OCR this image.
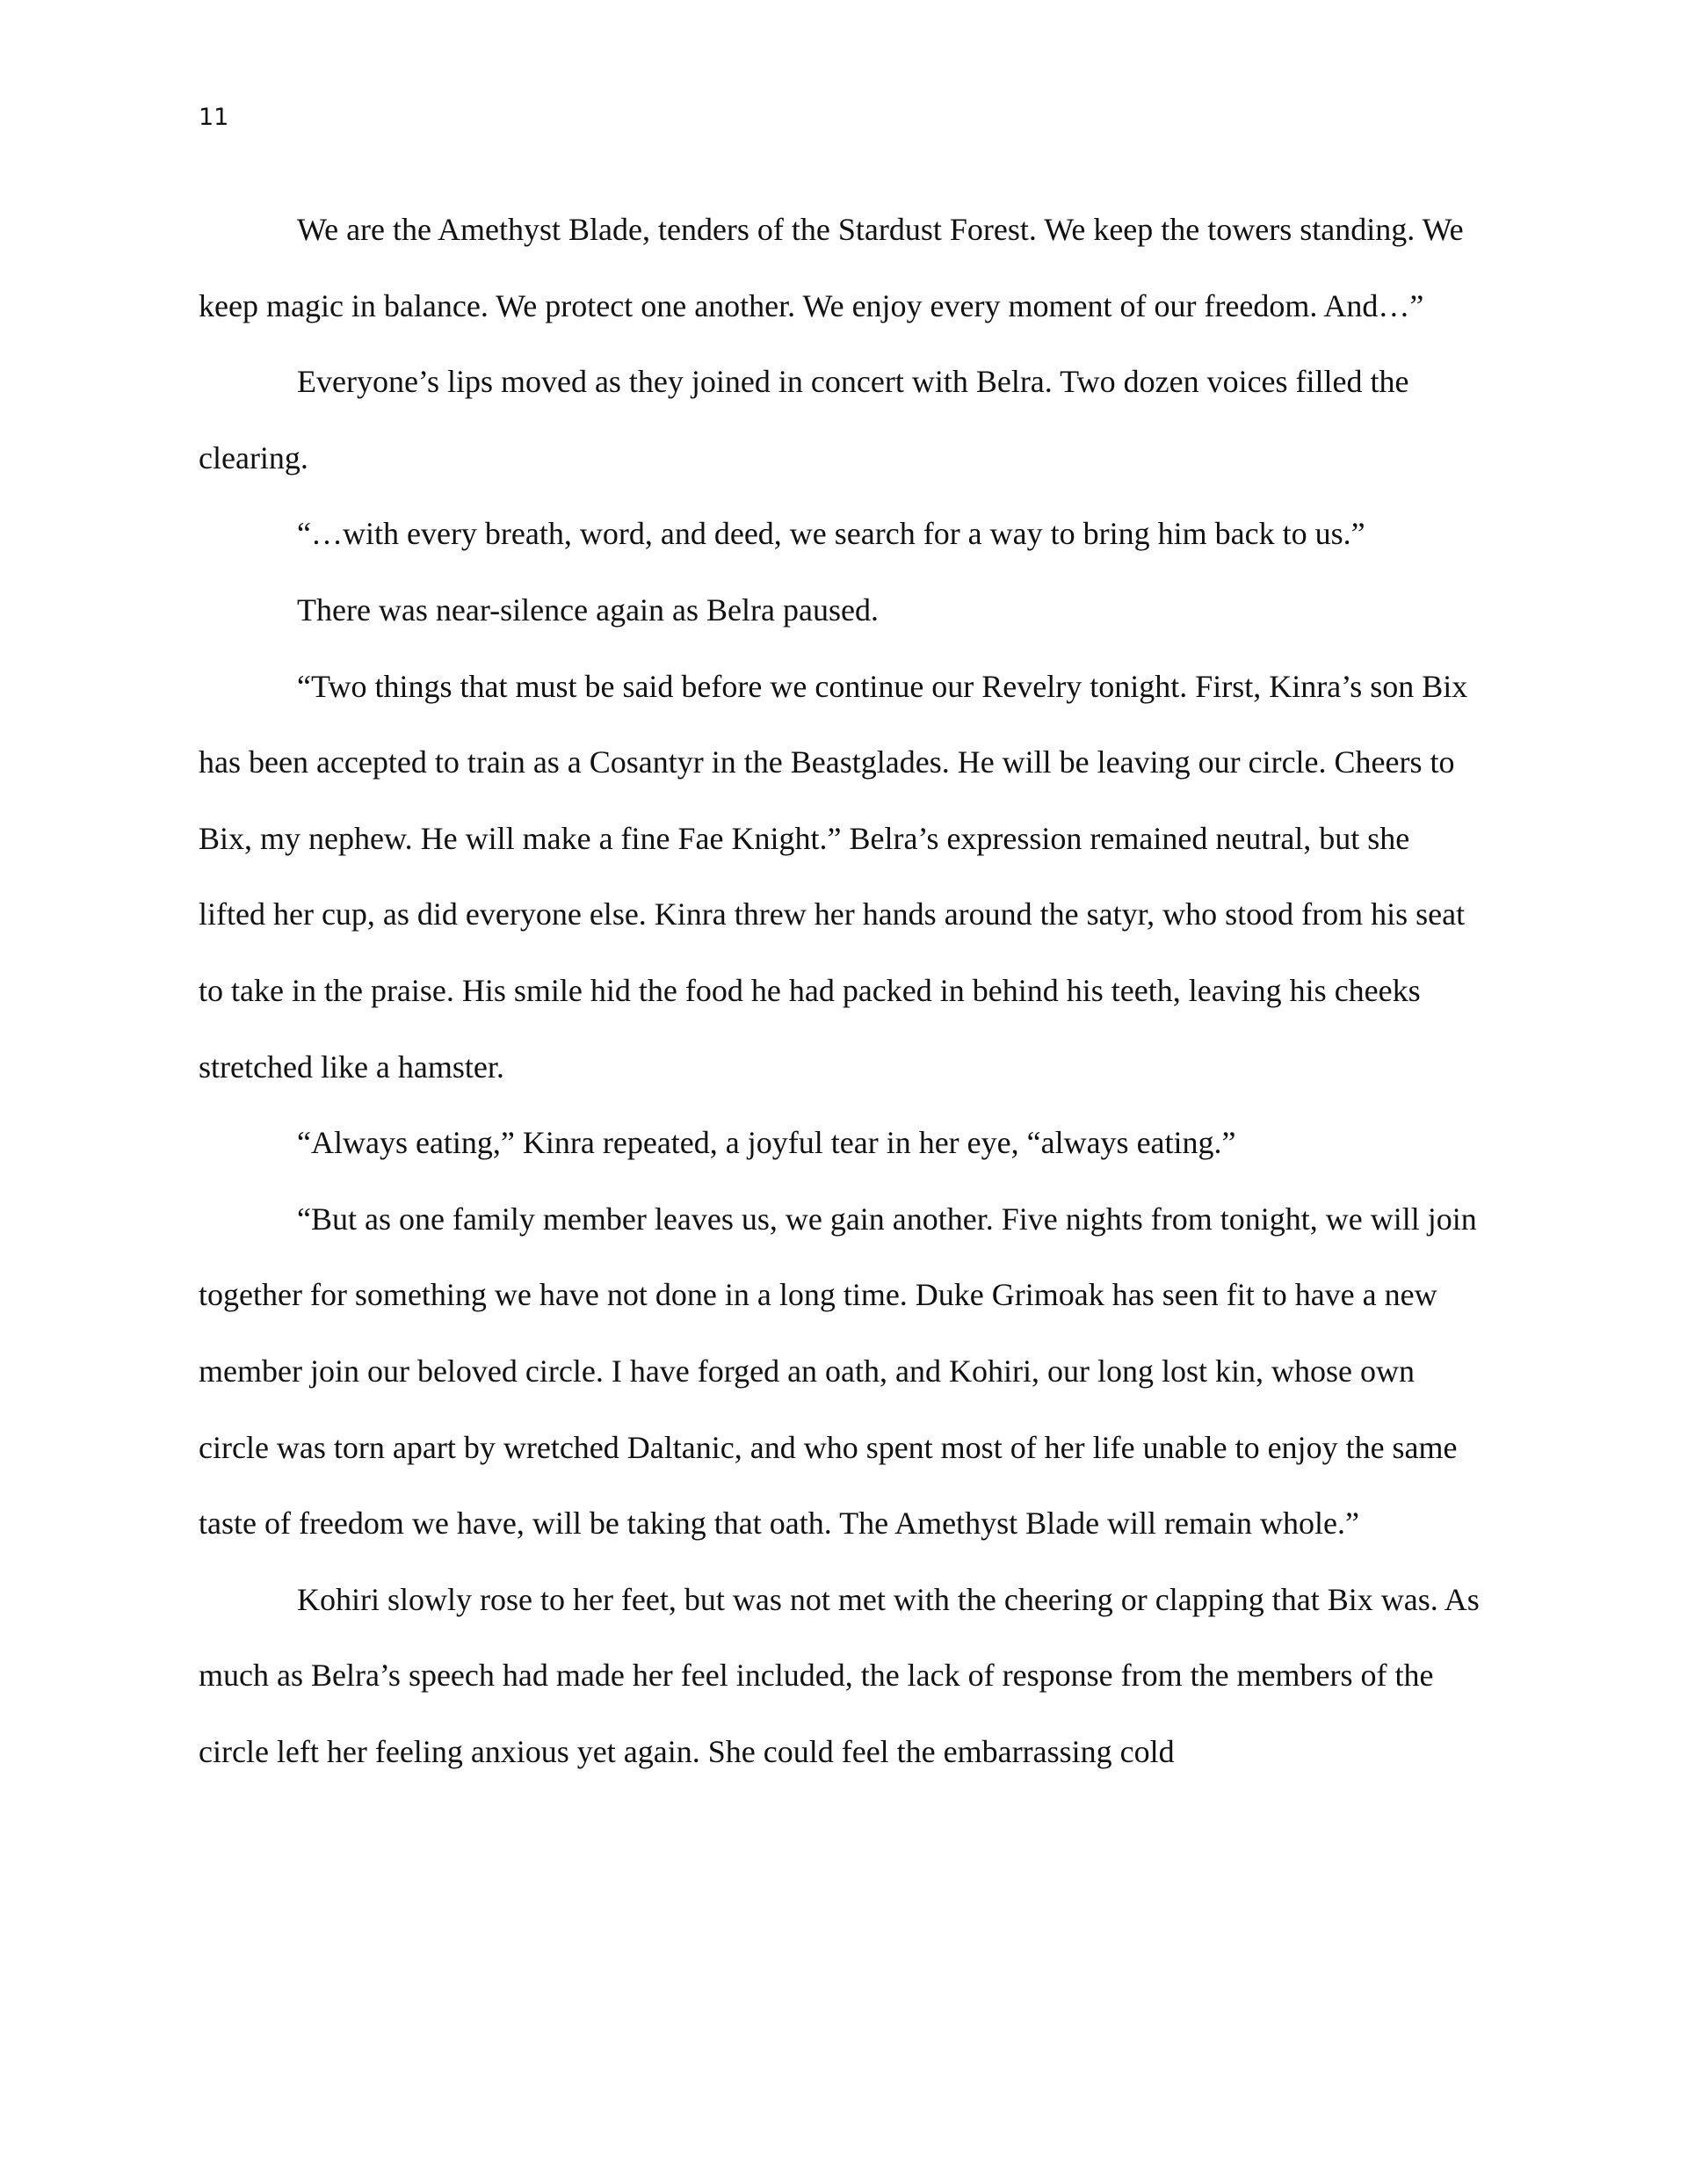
11

We are the Amethyst Blade, tenders of the Stardust Forest. We keep the towers standing. We keep magic in balance. We protect one another. We enjoy every moment of our freedom. And…”

Everyone’s lips moved as they joined in concert with Belra. Two dozen voices filled the clearing.

“…with every breath, word, and deed, we search for a way to bring him back to us.”

There was near-silence again as Belra paused.

“Two things that must be said before we continue our Revelry tonight. First, Kinra’s son Bix has been accepted to train as a Cosantyr in the Beastglades. He will be leaving our circle. Cheers to Bix, my nephew. He will make a fine Fae Knight.” Belra’s expression remained neutral, but she lifted her cup, as did everyone else. Kinra threw her hands around the satyr, who stood from his seat to take in the praise. His smile hid the food he had packed in behind his teeth, leaving his cheeks stretched like a hamster.

“Always eating,” Kinra repeated, a joyful tear in her eye, “always eating.”

“But as one family member leaves us, we gain another. Five nights from tonight, we will join together for something we have not done in a long time. Duke Grimoak has seen fit to have a new member join our beloved circle. I have forged an oath, and Kohiri, our long lost kin, whose own circle was torn apart by wretched Daltanic, and who spent most of her life unable to enjoy the same taste of freedom we have, will be taking that oath. The Amethyst Blade will remain whole.”

Kohiri slowly rose to her feet, but was not met with the cheering or clapping that Bix was. As much as Belra’s speech had made her feel included, the lack of response from the members of the circle left her feeling anxious yet again. She could feel the embarrassing cold
